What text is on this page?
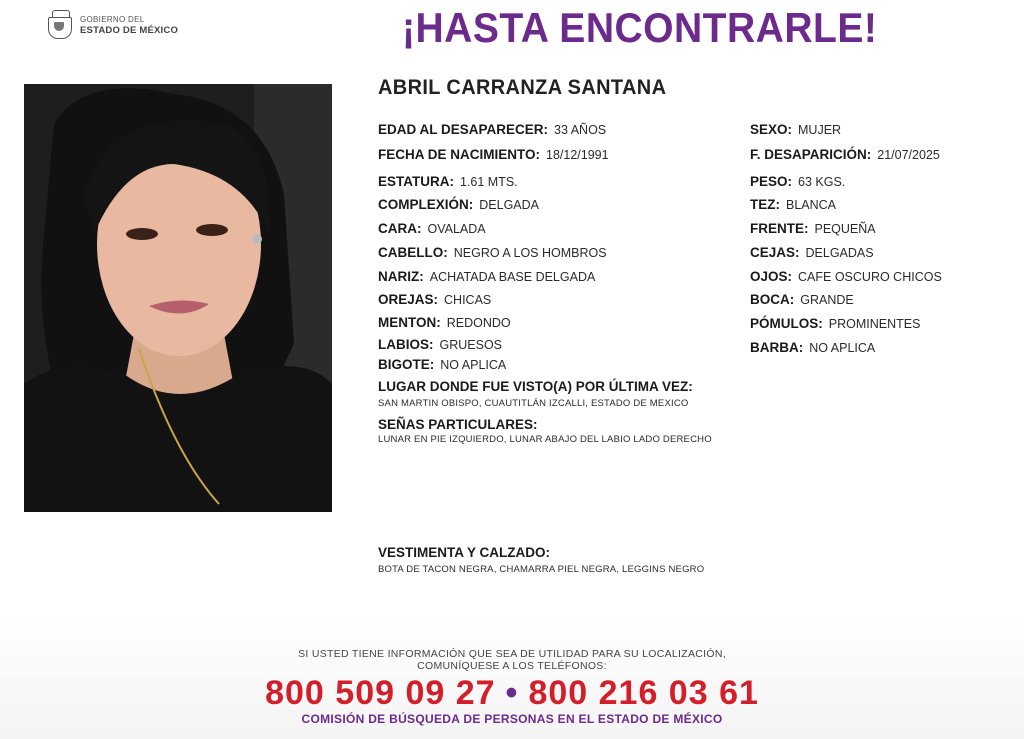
GOBIERNO DEL
ESTADO DE MÉXICO	¡HASTA ENCONTRARLE!
ABRIL CARRANZA SANTANA
EDAD AL DESAPARECER: 33 AÑOS
FECHA DE NACIMIENTO: 18/12/1991
ESTATURA: 1.61 MTS.
COMPLEXIÓN: DELGADA
CARA: OVALADA
CABELLO: NEGRO A LOS HOMBROS
NARIZ: ACHATADA BASE DELGADA
OREJAS: CHICAS
MENTON: REDONDO
LABIOS: GRUESOS
BIGOTE: NO APLICA
SEXO: MUJER
F. DESAPARICIÓN: 21/07/2025
PESO: 63 KGS.
TEZ: BLANCA
FRENTE: PEQUEÑA
CEJAS: DELGADAS
OJOS: CAFE OSCURO CHICOS
BOCA: GRANDE
PÓMULOS: PROMINENTES
BARBA: NO APLICA
LUGAR DONDE FUE VISTO(A) POR ÚLTIMA VEZ:
SAN MARTIN OBISPO, CUAUTITLÁN IZCALLI, ESTADO DE MEXICO
SEÑAS PARTICULARES:
LUNAR EN PIE IZQUIERDO, LUNAR ABAJO DEL LABIO LADO DERECHO
VESTIMENTA Y CALZADO:
BOTA DE TACON NEGRA, CHAMARRA PIEL NEGRA, LEGGINS NEGRO
SI USTED TIENE INFORMACIÓN QUE SEA DE UTILIDAD PARA SU LOCALIZACIÓN,
COMUNÍQUESE A LOS TELÉFONOS:
800 509 09 27 • 800 216 03 61
COMISIÓN DE BÚSQUEDA DE PERSONAS EN EL ESTADO DE MÉXICO
